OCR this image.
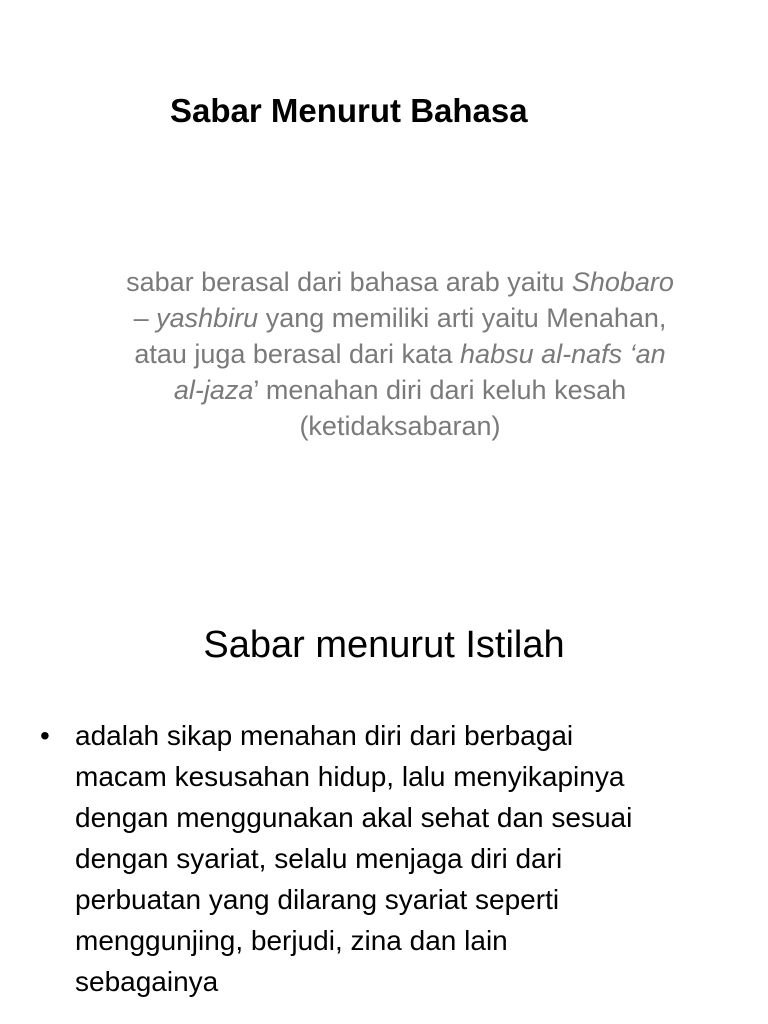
Sabar Menurut Bahasa
sabar berasal dari bahasa arab yaitu Shobaro
– yashbiru yang memiliki arti yaitu Menahan,
atau juga berasal dari kata habsu al-nafs ‘an
al-jaza’ menahan diri dari keluh kesah
(ketidaksabaran)
Sabar menurut Istilah
• adalah sikap menahan diri dari berbagai
macam kesusahan hidup, lalu menyikapinya
dengan menggunakan akal sehat dan sesuai
dengan syariat, selalu menjaga diri dari
perbuatan yang dilarang syariat seperti
menggunjing, berjudi, zina dan lain
sebagainya
